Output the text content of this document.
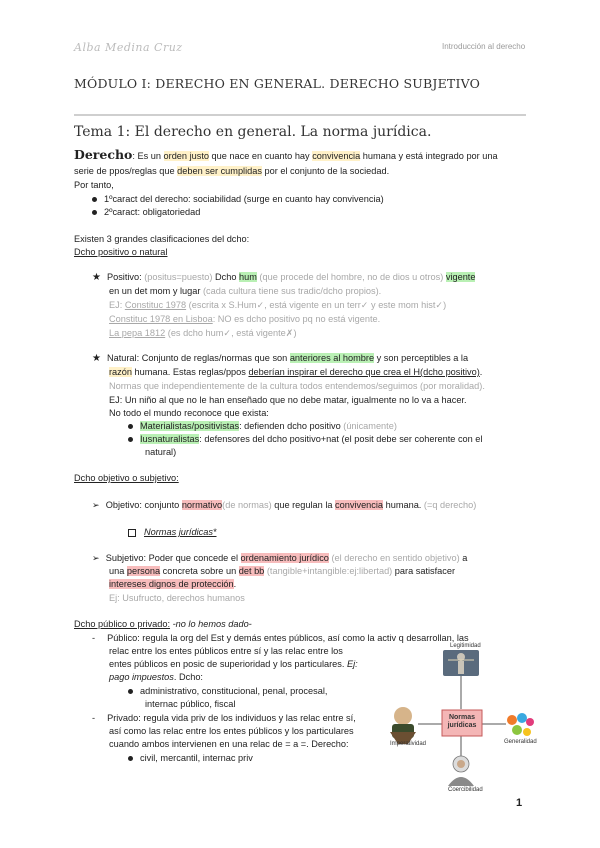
Alba Medina Cruz	Introducción al derecho
MÓDULO I: DERECHO EN GENERAL. DERECHO SUBJETIVO
Tema 1: El derecho en general. La norma jurídica.
Derecho: Es un orden justo que nace en cuanto hay convivencia humana y está integrado por una
serie de ppos/reglas que deben ser cumplidas por el conjunto de la sociedad.
Por tanto,
1ºcaract del derecho: sociabilidad (surge en cuanto hay convivencia)
2ºcaract: obligatoriedad
Existen 3 grandes clasificaciones del dcho:
Dcho positivo o natural
★ Positivo: (positus=puesto) Dcho hum (que procede del hombre, no de dios u otros) vigente
en un det mom y lugar (cada cultura tiene sus tradic/dcho propios).
EJ: Constituc 1978 (escrita x S.Hum✓, está vigente en un terr✓ y este mom hist✓)
Constituc 1978 en Lisboa: NO es dcho positivo pq no está vigente.
La pepa 1812 (es dcho hum✓, está vigente✗)
★ Natural: Conjunto de reglas/normas que son anteriores al hombre y son perceptibles a la
razón humana. Estas reglas/ppos deberían inspirar el derecho que crea el H(dcho positivo).
Normas que independientemente de la cultura todos entendemos/seguimos (por moralidad).
EJ: Un niño al que no le han enseñado que no debe matar, igualmente no lo va a hacer.
No todo el mundo reconoce que exista:
Materialistas/positivistas: defienden dcho positivo (únicamente)
Iusnaturalistas: defensores del dcho positivo+nat (el posit debe ser coherente con el
natural)
Dcho objetivo o subjetivo:
➢ Objetivo: conjunto normativo(de normas) que regulan la convivencia humana. (=q derecho)
Normas jurídicas*
➢ Subjetivo: Poder que concede el ordenamiento jurídico (el derecho en sentido objetivo) a
una persona concreta sobre un det bb (tangible+intangible:ej:libertad) para satisfacer
intereses dignos de protección.
Ej: Usufructo, derechos humanos
Dcho público o privado: -no lo hemos dado-
- Público: regula la org del Est y demás entes públicos, así como la activ q desarrollan, las
relac entre los entes públicos entre sí y las relac entre los
entes públicos en posic de superioridad y los particulares. Ej:
pago impuestos. Dcho:
administrativo, constitucional, penal, procesal,
internac público, fiscal
- Privado: regula vida priv de los individuos y las relac entre sí,
así como las relac entre los entes públicos y los particulares
cuando ambos intervienen en una relac de = a =. Derecho:
civil, mercantil, internac priv
Legitimidad
Normas
jurídicas
Imperatividad	Generalidad
Coercibilidad
1
